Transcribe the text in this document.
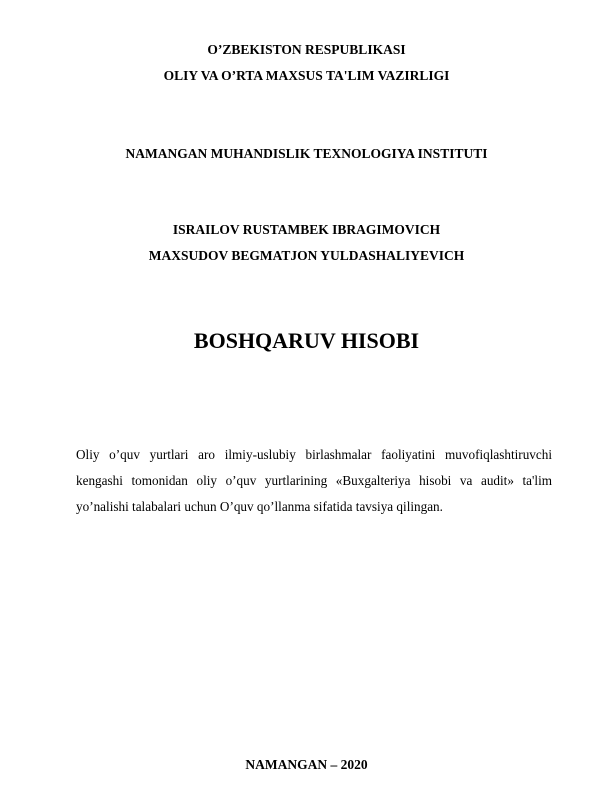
O’ZBEKISTON RESPUBLIKASI
OLIY VA O’RTA MAXSUS TA'LIM VAZIRLIGI
NAMANGAN MUHANDISLIK TEXNOLOGIYA INSTITUTI
ISRAILOV RUSTAMBEK IBRAGIMOVICH
MAXSUDOV BEGMATJON YULDASHALIYEVICH
BOSHQARUV HISOBI
Oliy o’quv yurtlari aro ilmiy-uslubiy birlashmalar faoliyatini muvofiqlashtiruvchi
kengashi tomonidan oliy o’quv yurtlarining «Buxgalteriya hisobi va audit» ta'lim
yo’nalishi talabalari uchun O’quv qo’llanma sifatida tavsiya qilingan.
NAMANGAN – 2020
